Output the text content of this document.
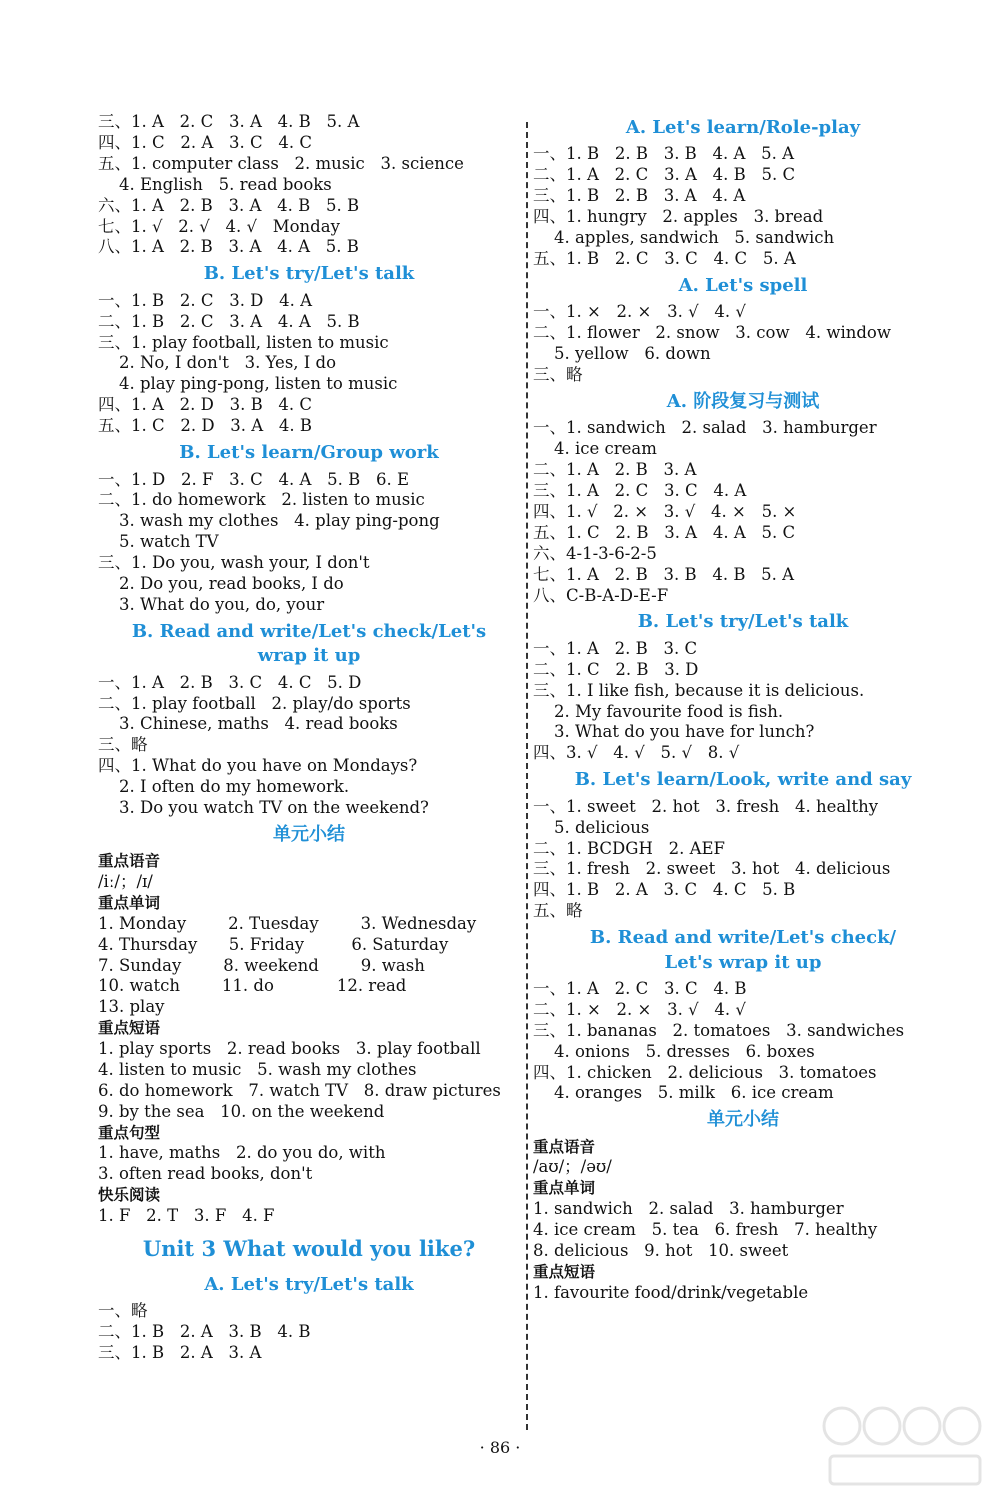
三、1. A   2. C   3. A   4. B   5. A
四、1. C   2. A   3. C   4. C
五、1. computer class   2. music   3. science
4. English   5. read books
六、1. A   2. B   3. A   4. B   5. B
七、1. √   2. √   4. √   Monday
八、1. A   2. B   3. A   4. A   5. B
B. Let's try/Let's talk
一、1. B   2. C   3. D   4. A
二、1. B   2. C   3. A   4. A   5. B
三、1. play football, listen to music
2. No, I don't   3. Yes, I do
4. play ping-pong, listen to music
四、1. A   2. D   3. B   4. C
五、1. C   2. D   3. A   4. B
B. Let's learn/Group work
一、1. D   2. F   3. C   4. A   5. B   6. E
二、1. do homework   2. listen to music
3. wash my clothes   4. play ping-pong
5. watch TV
三、1. Do you, wash your, I don't
2. Do you, read books, I do
3. What do you, do, your
B. Read and write/Let's check/Let's
wrap it up
一、1. A   2. B   3. C   4. C   5. D
二、1. play football   2. play/do sports
3. Chinese, maths   4. read books
三、略
四、1. What do you have on Mondays?
2. I often do my homework.
3. Do you watch TV on the weekend?
单元小结
重点语音
/iː/；/ɪ/
重点单词
1. Monday        2. Tuesday        3. Wednesday
4. Thursday      5. Friday         6. Saturday
7. Sunday        8. weekend        9. wash
10. watch        11. do            12. read
13. play
重点短语
1. play sports   2. read books   3. play football
4. listen to music   5. wash my clothes
6. do homework   7. watch TV   8. draw pictures
9. by the sea   10. on the weekend
重点句型
1. have, maths   2. do you do, with
3. often read books, don't
快乐阅读
1. F   2. T   3. F   4. F
Unit 3 What would you like?
A. Let's try/Let's talk
一、略
二、1. B   2. A   3. B   4. B
三、1. B   2. A   3. A
A. Let's learn/Role-play
一、1. B   2. B   3. B   4. A   5. A
二、1. A   2. C   3. A   4. B   5. C
三、1. B   2. B   3. A   4. A
四、1. hungry   2. apples   3. bread
4. apples, sandwich   5. sandwich
五、1. B   2. C   3. C   4. C   5. A
A. Let's spell
一、1. ×   2. ×   3. √   4. √
二、1. flower   2. snow   3. cow   4. window
5. yellow   6. down
三、略
A. 阶段复习与测试
一、1. sandwich   2. salad   3. hamburger
4. ice cream
二、1. A   2. B   3. A
三、1. A   2. C   3. C   4. A
四、1. √   2. ×   3. √   4. ×   5. ×
五、1. C   2. B   3. A   4. A   5. C
六、4-1-3-6-2-5
七、1. A   2. B   3. B   4. B   5. A
八、C-B-A-D-E-F
B. Let's try/Let's talk
一、1. A   2. B   3. C
二、1. C   2. B   3. D
三、1. I like fish, because it is delicious.
2. My favourite food is fish.
3. What do you have for lunch?
四、3. √   4. √   5. √   8. √
B. Let's learn/Look, write and say
一、1. sweet   2. hot   3. fresh   4. healthy
5. delicious
二、1. BCDGH   2. AEF
三、1. fresh   2. sweet   3. hot   4. delicious
四、1. B   2. A   3. C   4. C   5. B
五、略
B. Read and write/Let's check/
Let's wrap it up
一、1. A   2. C   3. C   4. B
二、1. ×   2. ×   3. √   4. √
三、1. bananas   2. tomatoes   3. sandwiches
4. onions   5. dresses   6. boxes
四、1. chicken   2. delicious   3. tomatoes
4. oranges   5. milk   6. ice cream
单元小结
重点语音
/aʊ/；/əʊ/
重点单词
1. sandwich   2. salad   3. hamburger
4. ice cream   5. tea   6. fresh   7. healthy
8. delicious   9. hot   10. sweet
重点短语
1. favourite food/drink/vegetable
· 86 ·
